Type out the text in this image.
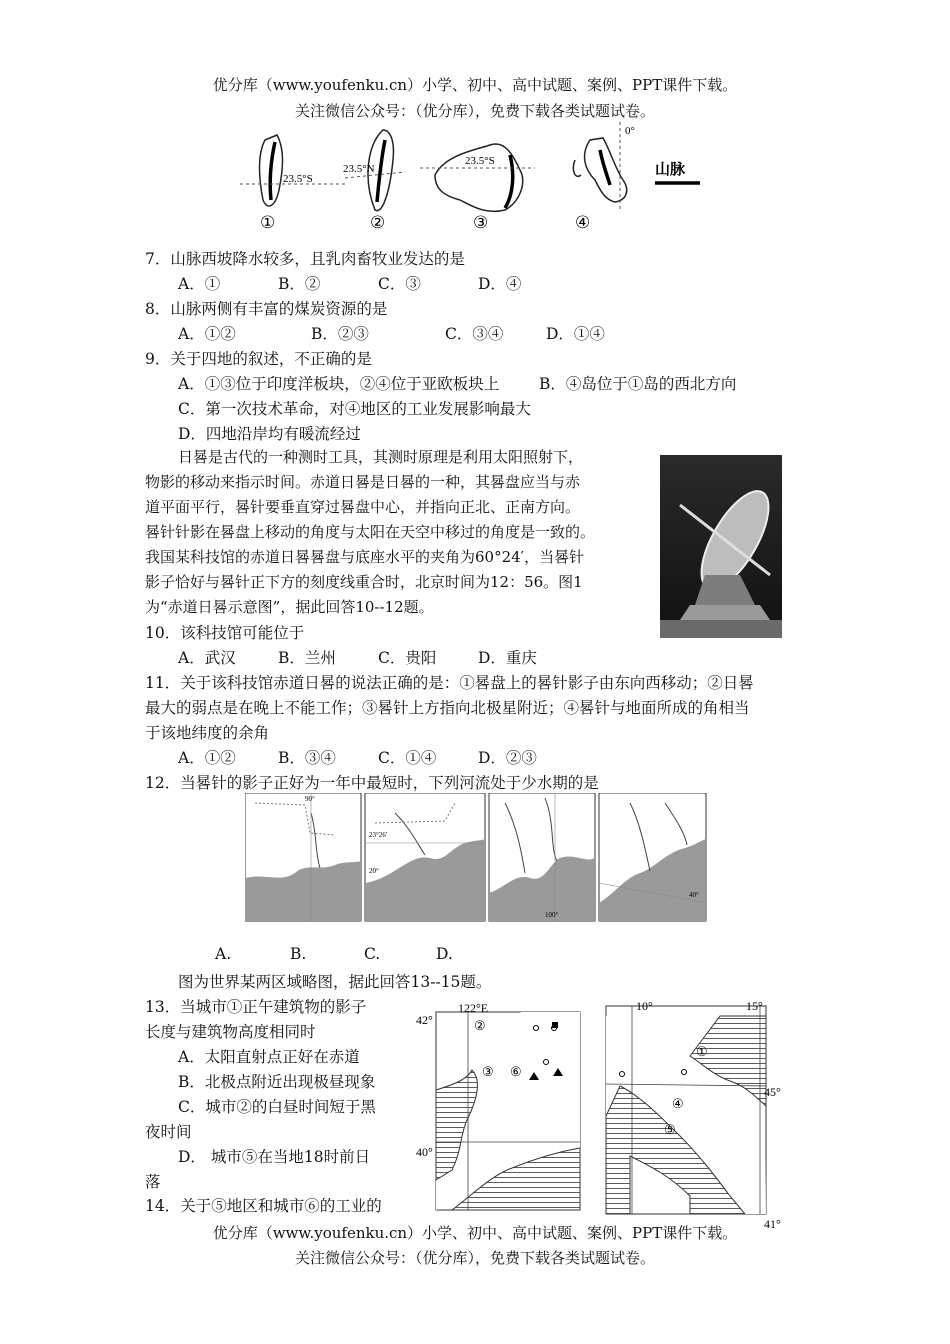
优分库（www.youfenku.cn）小学、初中、高中试题、案例、PPT课件下载。
关注微信公众号：（优分库），免费下载各类试题试卷。
23.5°S
①
23.5°N
②
23.5°S
③
0°
④
山脉
7．山脉西坡降水较多，且乳肉畜牧业发达的是
A．①	B．②	C．③	D．④
8．山脉两侧有丰富的煤炭资源的是
A．①②	B．②③	C．③④	D．①④
9．关于四地的叙述，不正确的是
A．①③位于印度洋板块，②④位于亚欧板块上	B．④岛位于①岛的西北方向
C．第一次技术革命，对④地区的工业发展影响最大
D．四地沿岸均有暖流经过
日晷是古代的一种测时工具，其测时原理是利用太阳照射下，
物影的移动来指示时间。赤道日晷是日晷的一种，其晷盘应当与赤
道平面平行，晷针要垂直穿过晷盘中心，并指向正北、正南方向。
晷针针影在晷盘上移动的角度与太阳在天空中移过的角度是一致的。
我国某科技馆的赤道日晷晷盘与底座水平的夹角为60°24′，当晷针
影子恰好与晷针正下方的刻度线重合时，北京时间为12：56。图1
为“赤道日晷示意图”，据此回答10--12题。
10．该科技馆可能位于
A．武汉	B．兰州	C．贵阳	D．重庆
11．关于该科技馆赤道日晷的说法正确的是：①晷盘上的晷针影子由东向西移动；②日晷
最大的弱点是在晚上不能工作；③晷针上方指向北极星附近；④晷针与地面所成的角相当
于该地纬度的余角
A．①②	B．③④	C．①④	D．②③
12．当晷针的影子正好为一年中最短时，下列河流处于少水期的是
90°
23°26′
20°
100°
40°
A.	B.	C.	D.
图为世界某两区域略图，据此回答13--15题。
13．当城市①正午建筑物的影子
长度与建筑物高度相同时
A．太阳直射点正好在赤道
B．北极点附近出现极昼现象
C．城市②的白昼时间短于黑
夜时间
D． 城市⑤在当地18时前日
落
14．关于⑤地区和城市⑥的工业的
122°E
42°
40°
②
③ ⑥
10°	15°
45°
41°
①
④
⑤
优分库（www.youfenku.cn）小学、初中、高中试题、案例、PPT课件下载。
关注微信公众号：（优分库），免费下载各类试题试卷。
